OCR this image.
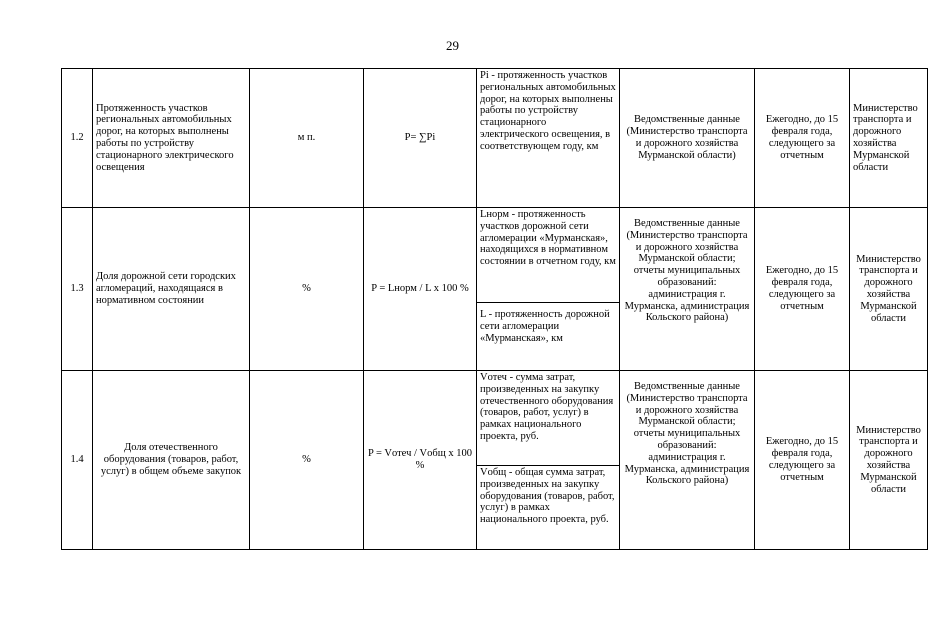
29
1.2	Протяженность участков региональных автомобильных дорог, на которых выполнены работы по устройству стационарного электрического освещения	м п.	P= ∑Pi	Pi - протяженность участков региональных автомобильных дорог, на которых выполнены работы по устройству стационарного электрического освещения, в соответствующем году, км	Ведомственные данные (Министерство транспорта и дорожного хозяйства Мурманской области)	Ежегодно, до 15 февраля года, следующего за отчетным	Министерство транспорта и дорожного хозяйства Мурманской области
1.3	Доля дорожной сети городских агломераций, находящаяся в нормативном состоянии	%	P = Lнорм / L x 100 %	Lнорм - протяженность участков дорожной сети агломерации «Мурманская», находящихся в нормативном состоянии в отчетном году, км	Ведомственные данные (Министерство транспорта и дорожного хозяйства Мурманской области; отчеты муниципальных образований: администрация г. Мурманска, администрация Кольского района)	Ежегодно, до 15 февраля года, следующего за отчетным	Министерство транспорта и дорожного хозяйства Мурманской области
				L - протяженность дорожной сети агломерации «Мурманская», км			
1.4	Доля отечественного оборудования (товаров, работ, услуг) в общем объеме закупок	%	P = Vотеч / Vобщ x 100 %	Vотеч - сумма затрат, произведенных на закупку отечественного оборудования (товаров, работ, услуг) в рамках национального проекта, руб.	Ведомственные данные (Министерство транспорта и дорожного хозяйства Мурманской области; отчеты муниципальных образований: администрация г. Мурманска, администрация Кольского района)	Ежегодно, до 15 февраля года, следующего за отчетным	Министерство транспорта и дорожного хозяйства Мурманской области
				Vобщ - общая сумма затрат, произведенных на закупку оборудования (товаров, работ, услуг) в рамках национального проекта, руб.			
